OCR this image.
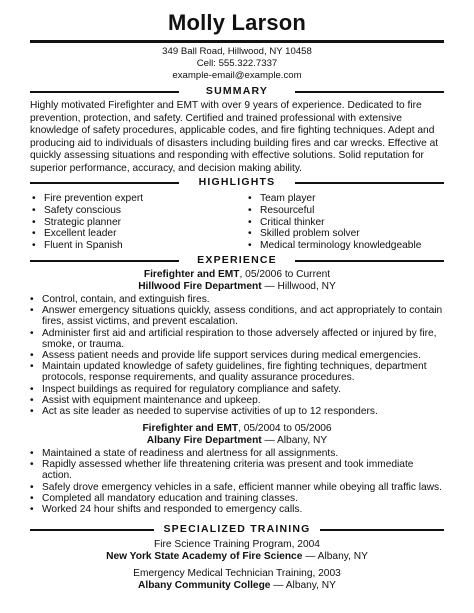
Molly Larson
349 Ball Road, Hillwood, NY 10458
Cell: 555.322.7337
example-email@example.com
SUMMARY
Highly motivated Firefighter and EMT with over 9 years of experience. Dedicated to fire prevention, protection, and safety. Certified and trained professional with extensive knowledge of safety procedures, applicable codes, and fire fighting techniques. Adept and producing aid to individuals of disasters including building fires and car wrecks. Effective at quickly assessing situations and responding with effective solutions. Solid reputation for superior performance, accuracy, and decision making ability.
HIGHLIGHTS
• Fire prevention expert
• Safety conscious
• Strategic planner
• Excellent leader
• Fluent in Spanish
• Team player
• Resourceful
• Critical thinker
• Skilled problem solver
• Medical terminology knowledgeable
EXPERIENCE
Firefighter and EMT, 05/2006 to Current
Hillwood Fire Department — Hillwood, NY
• Control, contain, and extinguish fires.
• Answer emergency situations quickly, assess conditions, and act appropriately to contain fires, assist victims, and prevent escalation.
• Administer first aid and artificial respiration to those adversely affected or injured by fire, smoke, or trauma.
• Assess patient needs and provide life support services during medical emergencies.
• Maintain updated knowledge of safety guidelines, fire fighting techniques, department protocols, response requirements, and quality assurance procedures.
• Inspect buildings as required for regulatory compliance and safety.
• Assist with equipment maintenance and upkeep.
• Act as site leader as needed to supervise activities of up to 12 responders.
Firefighter and EMT, 05/2004 to 05/2006
Albany Fire Department — Albany, NY
• Maintained a state of readiness and alertness for all assignments.
• Rapidly assessed whether life threatening criteria was present and took immediate action.
• Safely drove emergency vehicles in a safe, efficient manner while obeying all traffic laws.
• Completed all mandatory education and training classes.
• Worked 24 hour shifts and responded to emergency calls.
SPECIALIZED TRAINING
Fire Science Training Program, 2004
New York State Academy of Fire Science — Albany, NY
Emergency Medical Technician Training, 2003
Albany Community College — Albany, NY
